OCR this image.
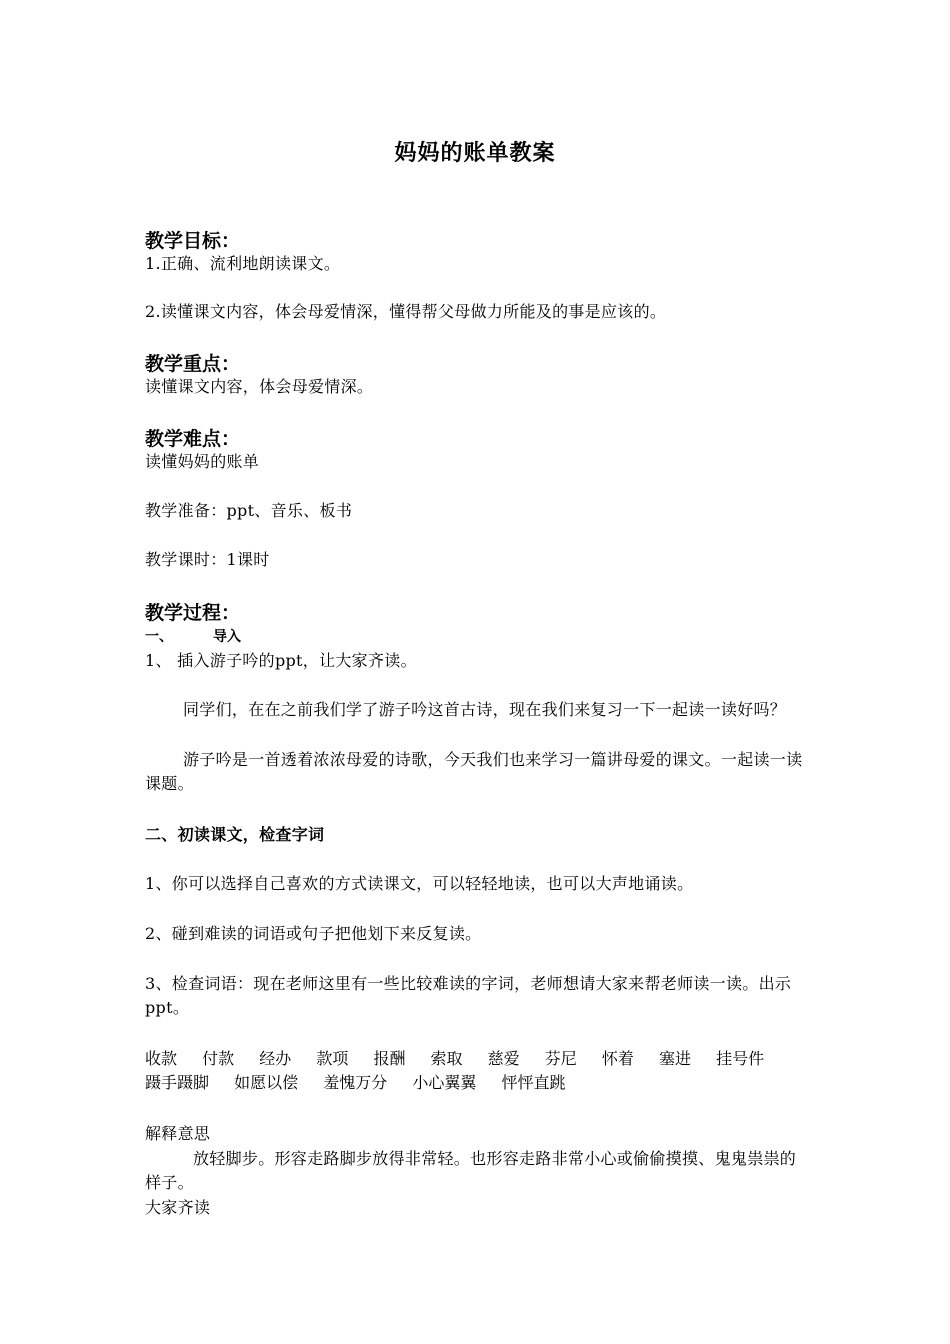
妈妈的账单教案
教学目标：
1.正确、流利地朗读课文。
2.读懂课文内容，体会母爱情深，懂得帮父母做力所能及的事是应该的。
教学重点：
读懂课文内容，体会母爱情深。
教学难点：
读懂妈妈的账单
教学准备：ppt、音乐、板书
教学课时：1课时
教学过程：
一、	导入
1、 插入游子吟的ppt，让大家齐读。
同学们，在在之前我们学了游子吟这首古诗，现在我们来复习一下一起读一读好吗？
游子吟是一首透着浓浓母爱的诗歌，今天我们也来学习一篇讲母爱的课文。一起读一读课题。
二、初读课文，检查字词
1、你可以选择自己喜欢的方式读课文，可以轻轻地读，也可以大声地诵读。
2、碰到难读的词语或句子把他划下来反复读。
3、检查词语：现在老师这里有一些比较难读的字词，老师想请大家来帮老师读一读。出示ppt。
收款 付款 经办 款项 报酬 索取 慈爱 芬尼 怀着 塞进 挂号件
蹑手蹑脚 如愿以偿 羞愧万分 小心翼翼 怦怦直跳
解释意思
放轻脚步。形容走路脚步放得非常轻。也形容走路非常小心或偷偷摸摸、鬼鬼祟祟的样子。
大家齐读
